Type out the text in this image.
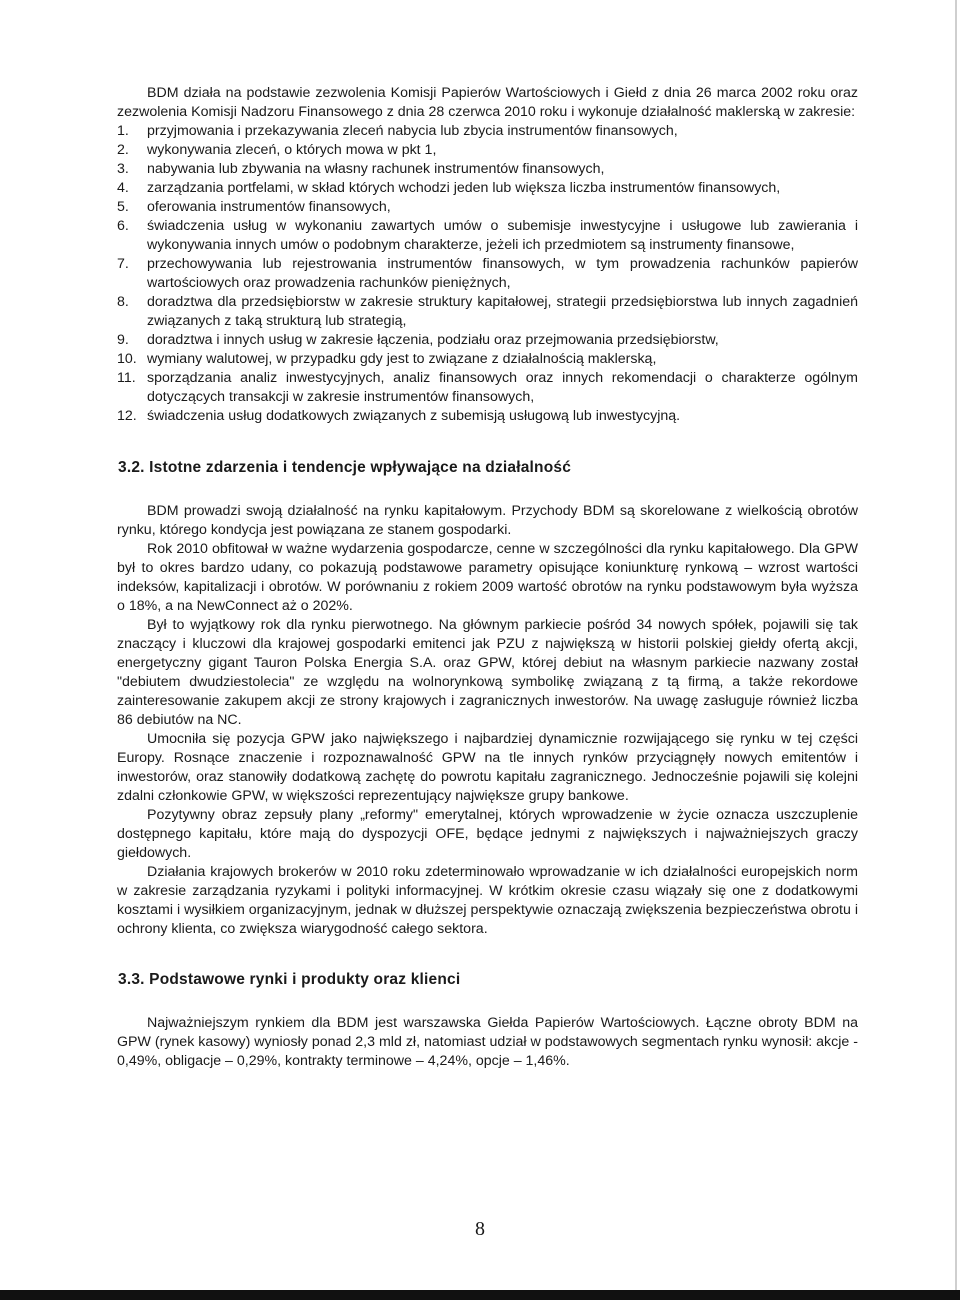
BDM działa na podstawie zezwolenia Komisji Papierów Wartościowych i Giełd z dnia 26 marca 2002 roku oraz zezwolenia Komisji Nadzoru Finansowego z dnia 28 czerwca 2010 roku i wykonuje działalność maklerską w zakresie:

1.	przyjmowania i przekazywania zleceń nabycia lub zbycia instrumentów finansowych,
2.	wykonywania zleceń, o których mowa w pkt 1,
3.	nabywania lub zbywania na własny rachunek instrumentów finansowych,
4.	zarządzania portfelami, w skład których wchodzi jeden lub większa liczba instrumentów finansowych,
5.	oferowania instrumentów finansowych,
6.	świadczenia usług w wykonaniu zawartych umów o subemisje inwestycyjne i usługowe lub zawierania i wykonywania innych umów o podobnym charakterze, jeżeli ich przedmiotem są instrumenty finansowe,
7.	przechowywania lub rejestrowania instrumentów finansowych, w tym prowadzenia rachunków papierów wartościowych oraz prowadzenia rachunków pieniężnych,
8.	doradztwa dla przedsiębiorstw w zakresie struktury kapitałowej, strategii przedsiębiorstwa lub innych zagadnień związanych z taką strukturą lub strategią,
9.	doradztwa i innych usług w zakresie łączenia, podziału oraz przejmowania przedsiębiorstw,
10. wymiany walutowej, w przypadku gdy jest to związane z działalnością maklerską,
11. sporządzania analiz inwestycyjnych, analiz finansowych oraz innych rekomendacji o charakterze ogólnym dotyczących transakcji w zakresie instrumentów finansowych,
12. świadczenia usług dodatkowych związanych z subemisją usługową lub inwestycyjną.
3.2. Istotne zdarzenia i tendencje wpływające na działalność

BDM prowadzi swoją działalność na rynku kapitałowym. Przychody BDM są skorelowane z wielkością obrotów rynku, którego kondycja jest powiązana ze stanem gospodarki.

Rok 2010 obfitował w ważne wydarzenia gospodarcze, cenne w szczególności dla rynku kapitałowego. Dla GPW był to okres bardzo udany, co pokazują podstawowe parametry opisujące koniunkturę rynkową – wzrost wartości indeksów, kapitalizacji i obrotów. W porównaniu z rokiem 2009 wartość obrotów na rynku podstawowym była wyższa o 18%, a na NewConnect aż o 202%.

Był to wyjątkowy rok dla rynku pierwotnego. Na głównym parkiecie pośród 34 nowych spółek, pojawili się tak znaczący i kluczowi dla krajowej gospodarki emitenci jak PZU z największą w historii polskiej giełdy ofertą akcji, energetyczny gigant Tauron Polska Energia S.A. oraz GPW, której debiut na własnym parkiecie nazwany został "debiutem dwudziestolecia" ze względu na wolnorynkową symbolikę związaną z tą firmą, a także rekordowe zainteresowanie zakupem akcji ze strony krajowych i zagranicznych inwestorów. Na uwagę zasługuje również liczba 86 debiutów na NC.

Umocniła się pozycja GPW jako największego i najbardziej dynamicznie rozwijającego się rynku w tej części Europy. Rosnące znaczenie i rozpoznawalność GPW na tle innych rynków przyciągnęły nowych emitentów i inwestorów, oraz stanowiły dodatkową zachętę do powrotu kapitału zagranicznego. Jednocześnie pojawili się kolejni zdalni członkowie GPW, w większości reprezentujący największe grupy bankowe.

Pozytywny obraz zepsuły plany „reformy" emerytalnej, których wprowadzenie w życie oznacza uszczuplenie dostępnego kapitału, które mają do dyspozycji OFE, będące jednymi z największych i najważniejszych graczy giełdowych.

Działania krajowych brokerów w 2010 roku zdeterminowało wprowadzanie w ich działalności europejskich norm w zakresie zarządzania ryzykami i polityki informacyjnej. W krótkim okresie czasu wiązały się one z dodatkowymi kosztami i wysiłkiem organizacyjnym, jednak w dłuższej perspektywie oznaczają zwiększenia bezpieczeństwa obrotu i ochrony klienta, co zwiększa wiarygodność całego sektora.

3.3. Podstawowe rynki i produkty oraz klienci

Najważniejszym rynkiem dla BDM jest warszawska Giełda Papierów Wartościowych. Łączne obroty BDM na GPW (rynek kasowy) wyniosły ponad 2,3 mld zł, natomiast udział w podstawowych segmentach rynku wynosił: akcje - 0,49%, obligacje – 0,29%, kontrakty terminowe – 4,24%, opcje – 1,46%.

8
